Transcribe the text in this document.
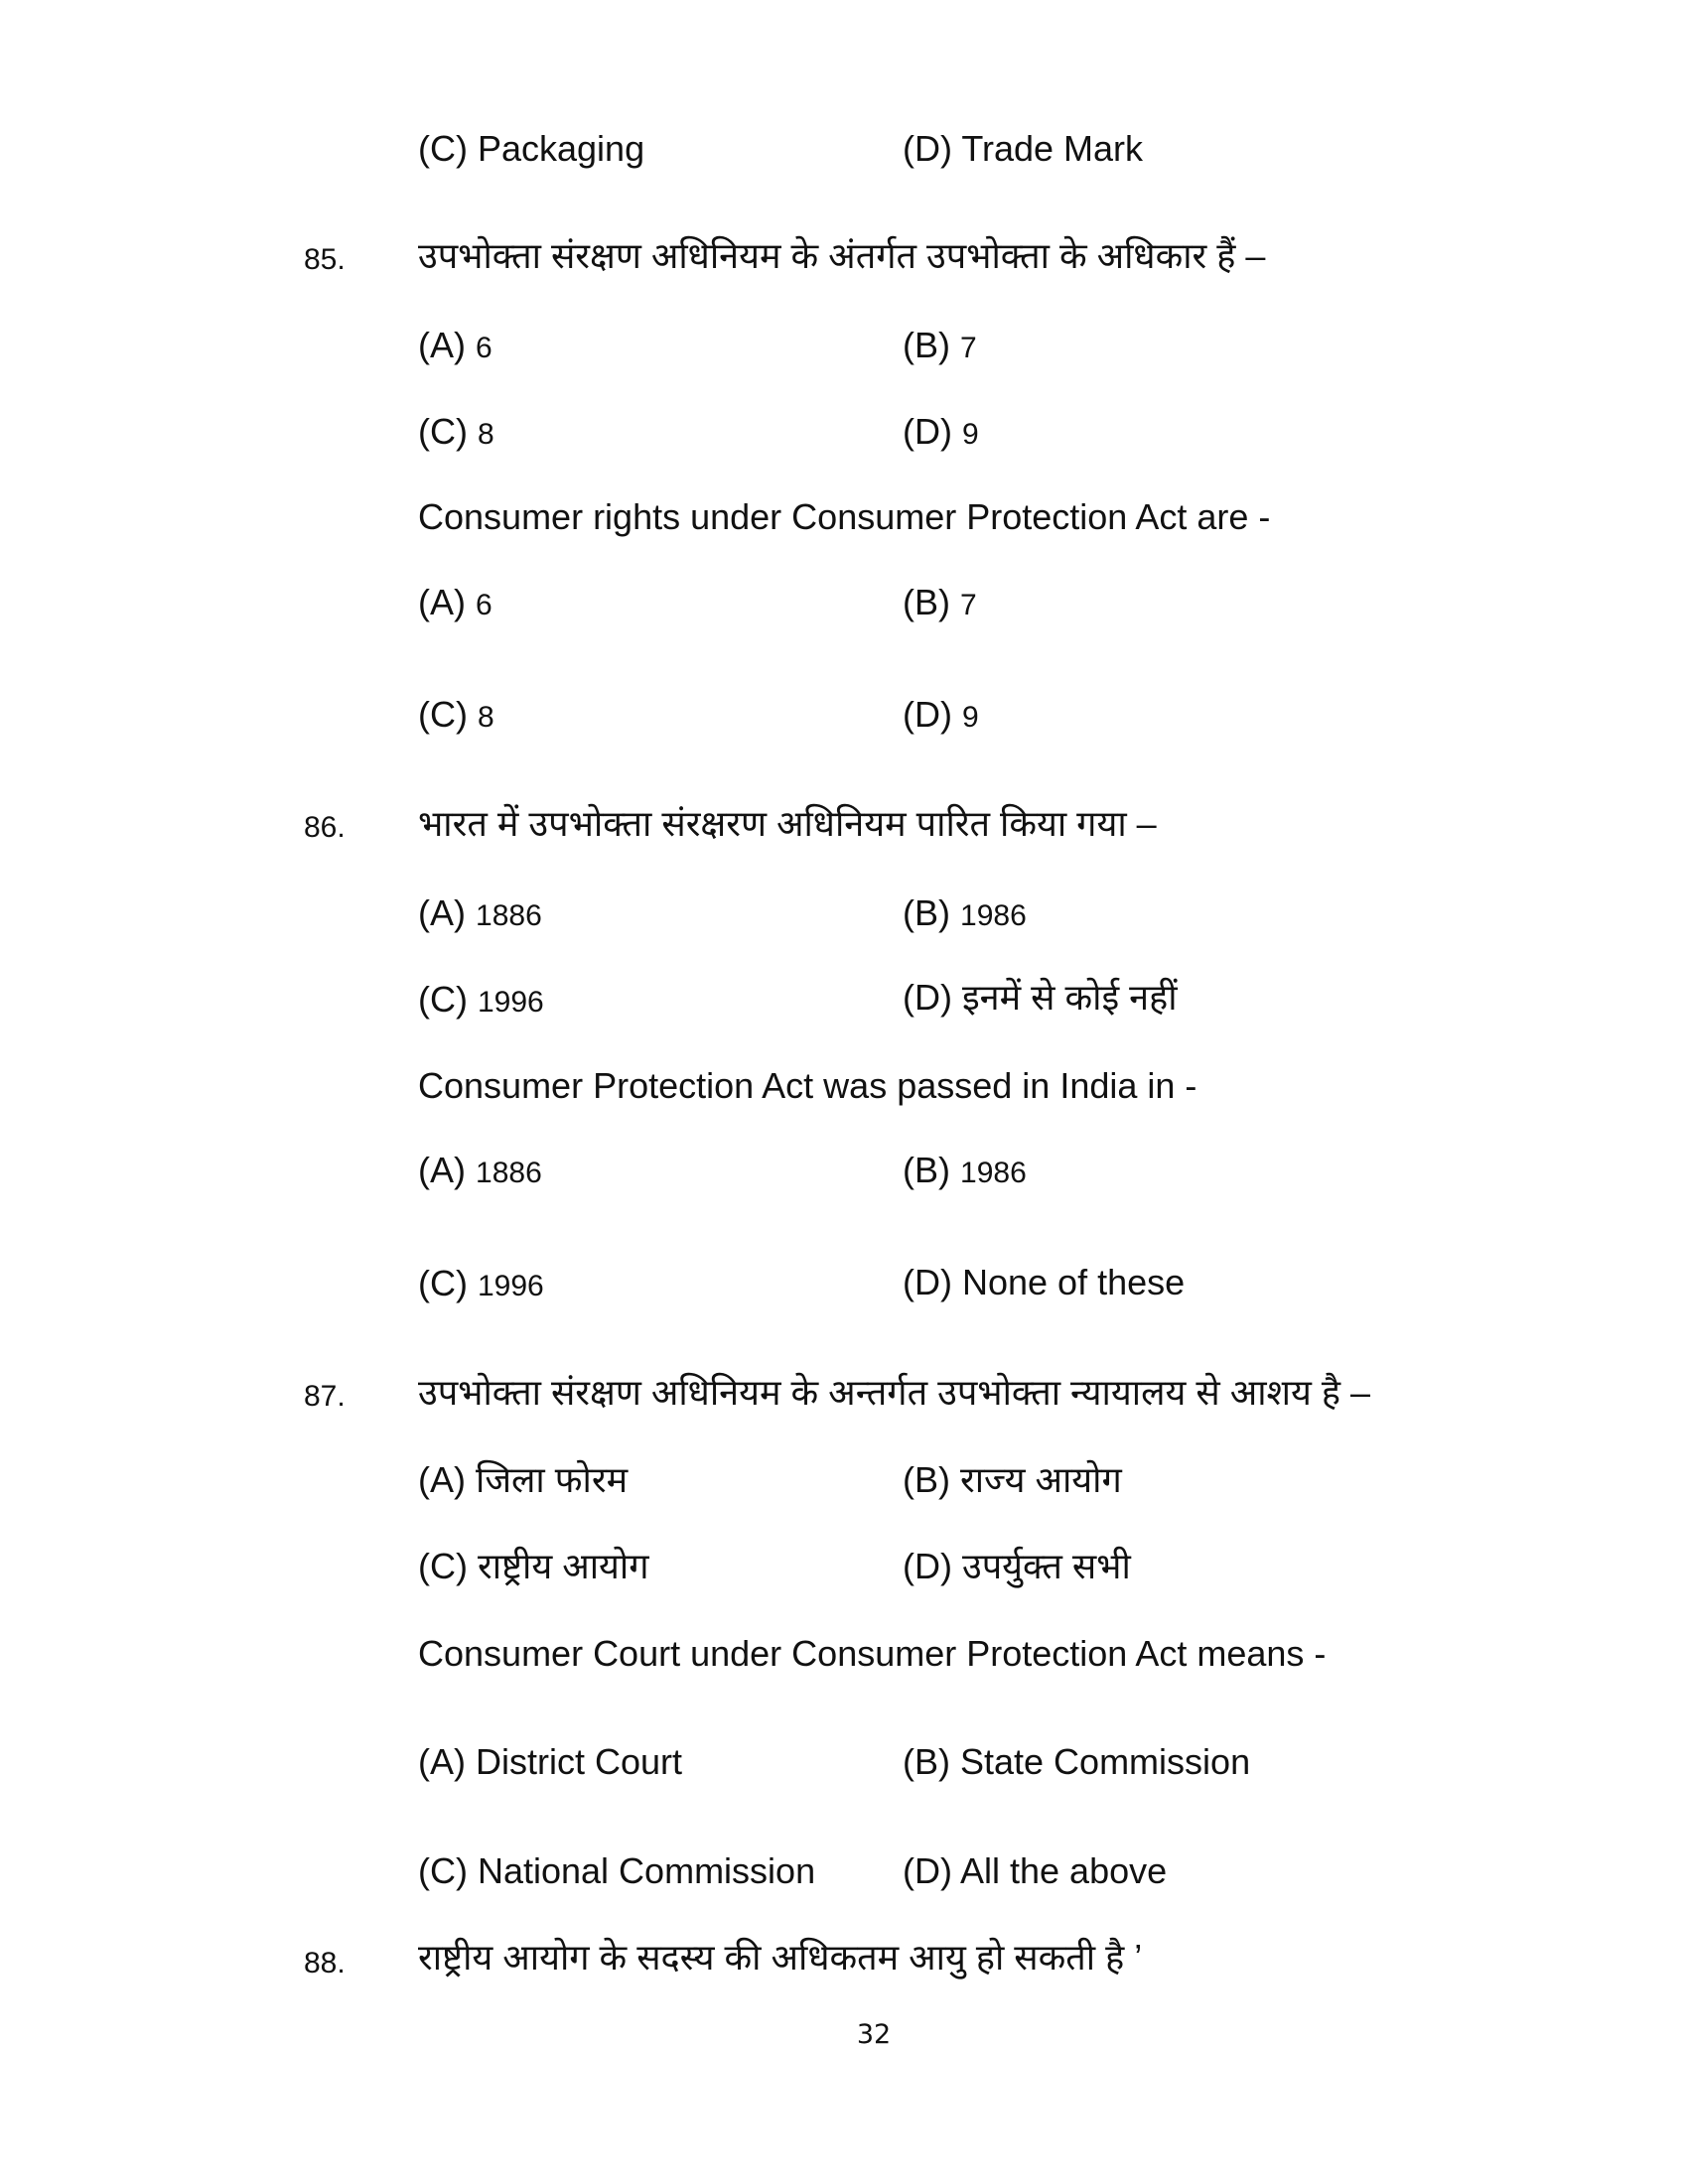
(C) Packaging	(D) Trade Mark
85. उपभोक्ता संरक्षण अधिनियम के अंतर्गत उपभोक्ता के अधिकार हैं –
(A) 6	(B) 7
(C) 8	(D) 9
Consumer rights under Consumer Protection Act are -
(A) 6	(B) 7
(C) 8	(D) 9
86. भारत में उपभोक्ता संरक्षरण अधिनियम पारित किया गया –
(A) 1886	(B) 1986
(C) 1996	(D) इनमें से कोई नहीं
Consumer Protection Act was passed in India in -
(A) 1886	(B) 1986
(C) 1996	(D) None of these
87. उपभोक्ता संरक्षण अधिनियम के अन्तर्गत उपभोक्ता न्यायालय से आशय है –
(A) जिला फोरम	(B) राज्य आयोग
(C) राष्ट्रीय आयोग	(D) उपर्युक्त सभी
Consumer Court under Consumer Protection Act means -
(A) District Court	(B) State Commission
(C) National Commission (D) All the above
88. राष्ट्रीय आयोग के सदस्य की अधिकतम आयु हो सकती है ’
32
